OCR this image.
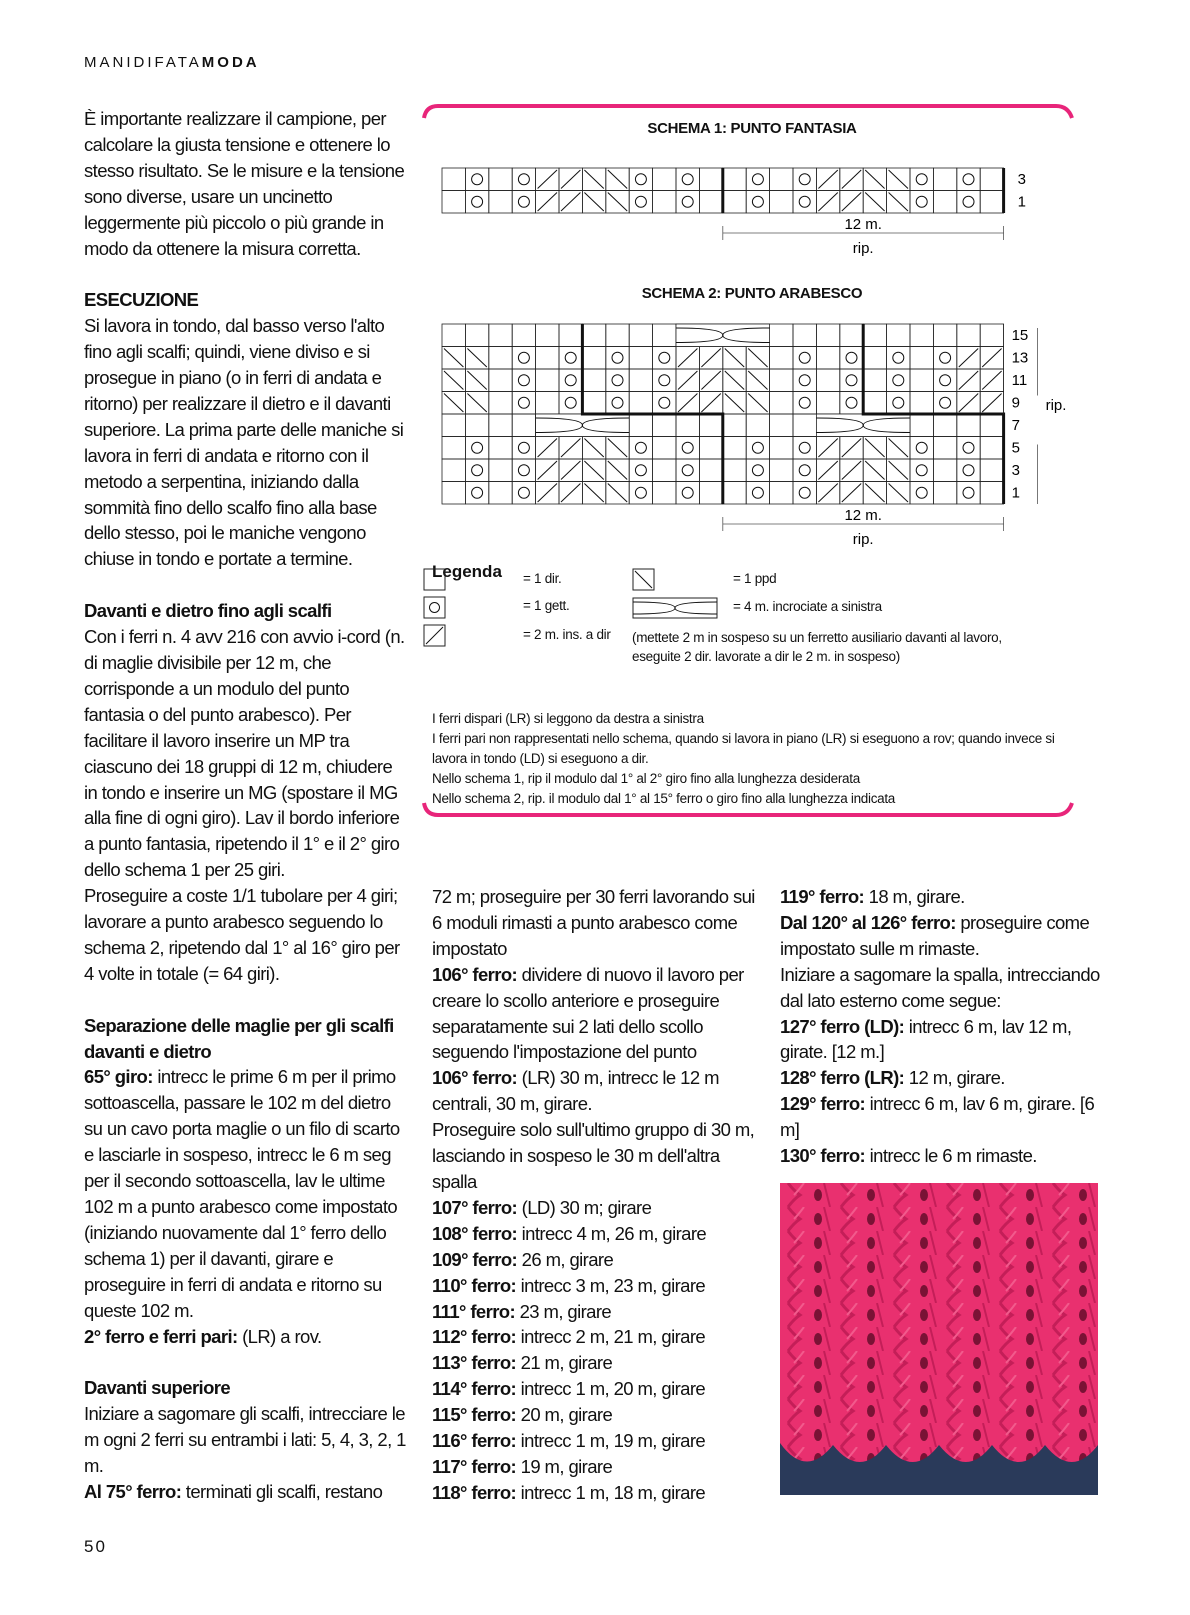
MANIDIFATAMODA

È importante realizzare il campione, per calcolare la giusta tensione e ottenere lo stesso risultato. Se le misure e la tensione sono diverse, usare un uncinetto leggermente più piccolo o più grande in modo da ottenere la misura corretta.

ESECUZIONE

Si lavora in tondo, dal basso verso l'alto fino agli scalfi; quindi, viene diviso e si prosegue in piano (o in ferri di andata e ritorno) per realizzare il dietro e il davanti superiore. La prima parte delle maniche si lavora in ferri di andata e ritorno con il metodo a serpentina, iniziando dalla sommità fino dello scalfo fino alla base dello stesso, poi le maniche vengono chiuse in tondo e portate a termine.

Davanti e dietro fino agli scalfi

Con i ferri n. 4 avv 216 con avvio i-cord (n. di maglie divisibile per 12 m, che corrisponde a un modulo del punto fantasia o del punto arabesco). Per facilitare il lavoro inserire un MP tra ciascuno dei 18 gruppi di 12 m, chiudere in tondo e inserire un MG (spostare il MG alla fine di ogni giro). Lav il bordo inferiore a punto fantasia, ripetendo il 1° e il 2° giro dello schema 1 per 25 giri.

Proseguire a coste 1/1 tubolare per 4 giri; lavorare a punto arabesco seguendo lo schema 2, ripetendo dal 1° al 16° giro per 4 volte in totale (= 64 giri).

Separazione delle maglie per gli scalfi davanti e dietro

65° giro: intrecc le prime 6 m per il primo sottoascella, passare le 102 m del dietro su un cavo porta maglie o un filo di scarto e lasciarle in sospeso, intrecc le 6 m seg per il secondo sottoascella, lav le ultime 102 m a punto arabesco come impostato (iniziando nuovamente dal 1° ferro dello schema 1) per il davanti, girare e proseguire in ferri di andata e ritorno su queste 102 m.

2° ferro e ferri pari: (LR) a rov.

Davanti superiore

Iniziare a sagomare gli scalfi, intrecciare le m ogni 2 ferri su entrambi i lati: 5, 4, 3, 2, 1 m.

Al 75° ferro: terminati gli scalfi, restano

SCHEMA 1: PUNTO FANTASIA
3
1
12 m.
rip.
SCHEMA 2: PUNTO ARABESCO
15
13
11
9
7
5
3
1
rip.
12 m.
rip.
Legenda = 1 dir.
= 1 gett.
= 2 m. ins. a dir
= 1 ppd
= 4 m. incrociate a sinistra
(mettete 2 m in sospeso su un ferretto ausiliario davanti al lavoro,
eseguite 2 dir. lavorate a dir le 2 m. in sospeso)

I ferri dispari (LR) si leggono da destra a sinistra

I ferri pari non rappresentati nello schema, quando si lavora in piano (LR) si eseguono a rov; quando invece si lavora in tondo (LD) si eseguono a dir.

Nello schema 1, rip il modulo dal 1° al 2° giro fino alla lunghezza desiderata

Nello schema 2, rip. il modulo dal 1° al 15° ferro o giro fino alla lunghezza indicata

72 m; proseguire per 30 ferri lavorando sui 6 moduli rimasti a punto arabesco come impostato

106° ferro: dividere di nuovo il lavoro per creare lo scollo anteriore e proseguire separatamente sui 2 lati dello scollo seguendo l'impostazione del punto

106° ferro: (LR) 30 m, intrecc le 12 m centrali, 30 m, girare.

Proseguire solo sull'ultimo gruppo di 30 m, lasciando in sospeso le 30 m dell'altra spalla

107° ferro: (LD) 30 m; girare

108° ferro: intrecc 4 m, 26 m, girare

109° ferro: 26 m, girare

110° ferro: intrecc 3 m, 23 m, girare

111° ferro: 23 m, girare

112° ferro: intrecc 2 m, 21 m, girare

113° ferro: 21 m, girare

114° ferro: intrecc 1 m, 20 m, girare

115° ferro: 20 m, girare

116° ferro: intrecc 1 m, 19 m, girare

117° ferro: 19 m, girare

118° ferro: intrecc 1 m, 18 m, girare

119° ferro: 18 m, girare.

Dal 120° al 126° ferro: proseguire come impostato sulle m rimaste.

Iniziare a sagomare la spalla, intrecciando dal lato esterno come segue:

127° ferro (LD): intrecc 6 m, lav 12 m, girate. [12 m.]

128° ferro (LR): 12 m, girare.

129° ferro: intrecc 6 m, lav 6 m, girare. [6 m]

130° ferro: intrecc le 6 m rimaste.

50
